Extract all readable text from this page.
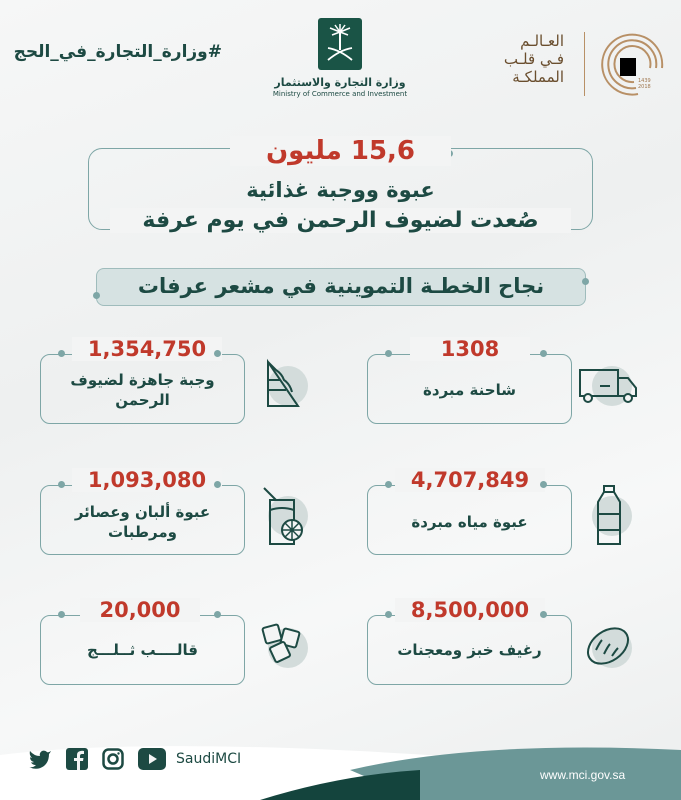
#وزارة_التجارة_في_الحج
وزارة التجارة والاستثمار
Ministry of Commerce and Investment
العـالـم
فـي قلـب
المملكـة	1439
2018
15,6 مليون
عبوة ووجبة غذائية
صُعدت لضيوف الرحمن في يوم عرفة
نجاح الخطـة التموينية في مشعر عرفات
1308
شاحنة مبردة
4,707,849
عبوة مياه مبردة
8,500,000
رغيف خبز ومعجنات
1,354,750
وجبة جاهزة لضيوف الرحمن
1,093,080
عبوة ألبان وعصائر ومرطبات
20,000
قالــــب ثــلـــج
SaudiMCI
www.mci.gov.sa
